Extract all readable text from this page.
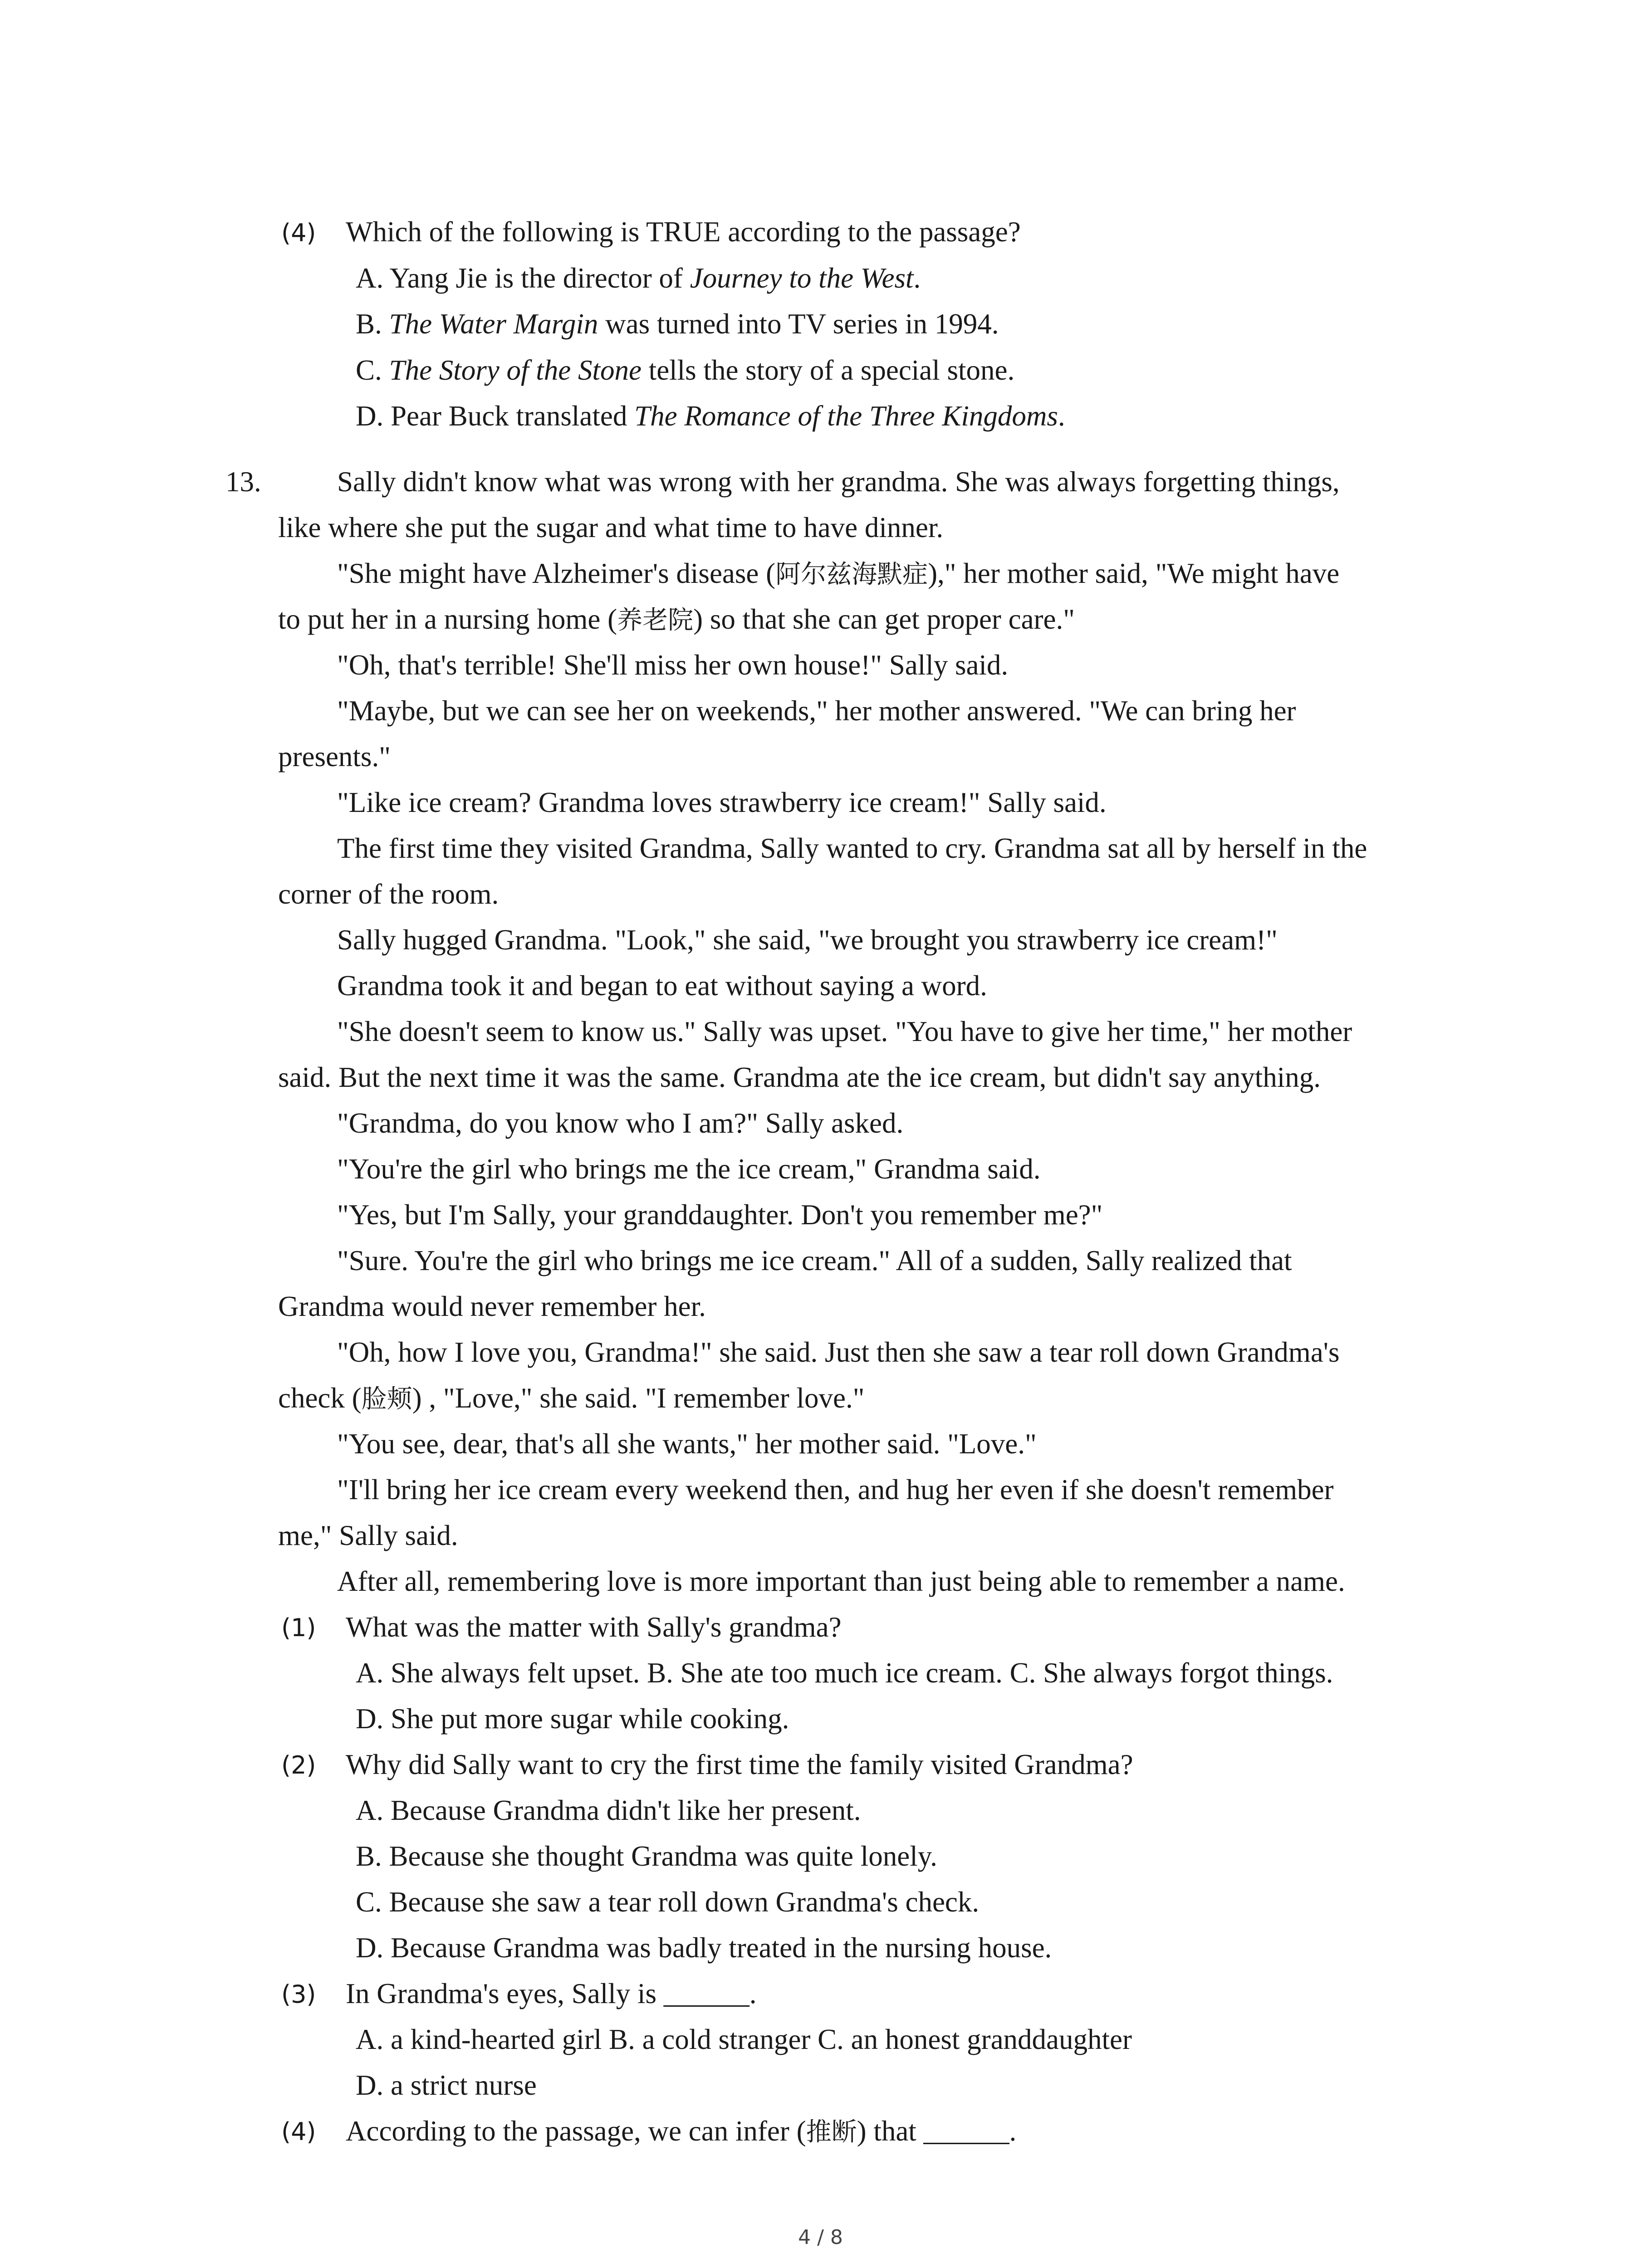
(4) Which of the following is TRUE according to the passage?
A. Yang Jie is the director of Journey to the West.
B. The Water Margin was turned into TV series in 1994.
C. The Story of the Stone tells the story of a special stone.
D. Pear Buck translated The Romance of the Three Kingdoms.
13.	Sally didn't know what was wrong with her grandma. She was always forgetting things,
like where she put the sugar and what time to have dinner.
"She might have Alzheimer's disease (阿尔兹海默症)," her mother said, "We might have
to put her in a nursing home (养老院) so that she can get proper care."
"Oh, that's terrible! She'll miss her own house!" Sally said.
"Maybe, but we can see her on weekends," her mother answered. "We can bring her
presents."
"Like ice cream? Grandma loves strawberry ice cream!" Sally said.
The first time they visited Grandma, Sally wanted to cry. Grandma sat all by herself in the
corner of the room.
Sally hugged Grandma. "Look," she said, "we brought you strawberry ice cream!"
Grandma took it and began to eat without saying a word.
"She doesn't seem to know us." Sally was upset. "You have to give her time," her mother
said. But the next time it was the same. Grandma ate the ice cream, but didn't say anything.
"Grandma, do you know who I am?" Sally asked.
"You're the girl who brings me the ice cream," Grandma said.
"Yes, but I'm Sally, your granddaughter. Don't you remember me?"
"Sure. You're the girl who brings me ice cream." All of a sudden, Sally realized that
Grandma would never remember her.
"Oh, how I love you, Grandma!" she said. Just then she saw a tear roll down Grandma's
check (脸颊) , "Love," she said. "I remember love."
"You see, dear, that's all she wants," her mother said. "Love."
"I'll bring her ice cream every weekend then, and hug her even if she doesn't remember
me," Sally said.
After all, remembering love is more important than just being able to remember a name.
(1) What was the matter with Sally's grandma?
A. She always felt upset. B. She ate too much ice cream. C. She always forgot things.
D. She put more sugar while cooking.
(2) Why did Sally want to cry the first time the family visited Grandma?
A. Because Grandma didn't like her present.
B. Because she thought Grandma was quite lonely.
C. Because she saw a tear roll down Grandma's check.
D. Because Grandma was badly treated in the nursing house.
(3) In Grandma's eyes, Sally is ______.
A. a kind-hearted girl B. a cold stranger C. an honest granddaughter
D. a strict nurse
(4) According to the passage, we can infer (推断) that ______.
4 / 8
